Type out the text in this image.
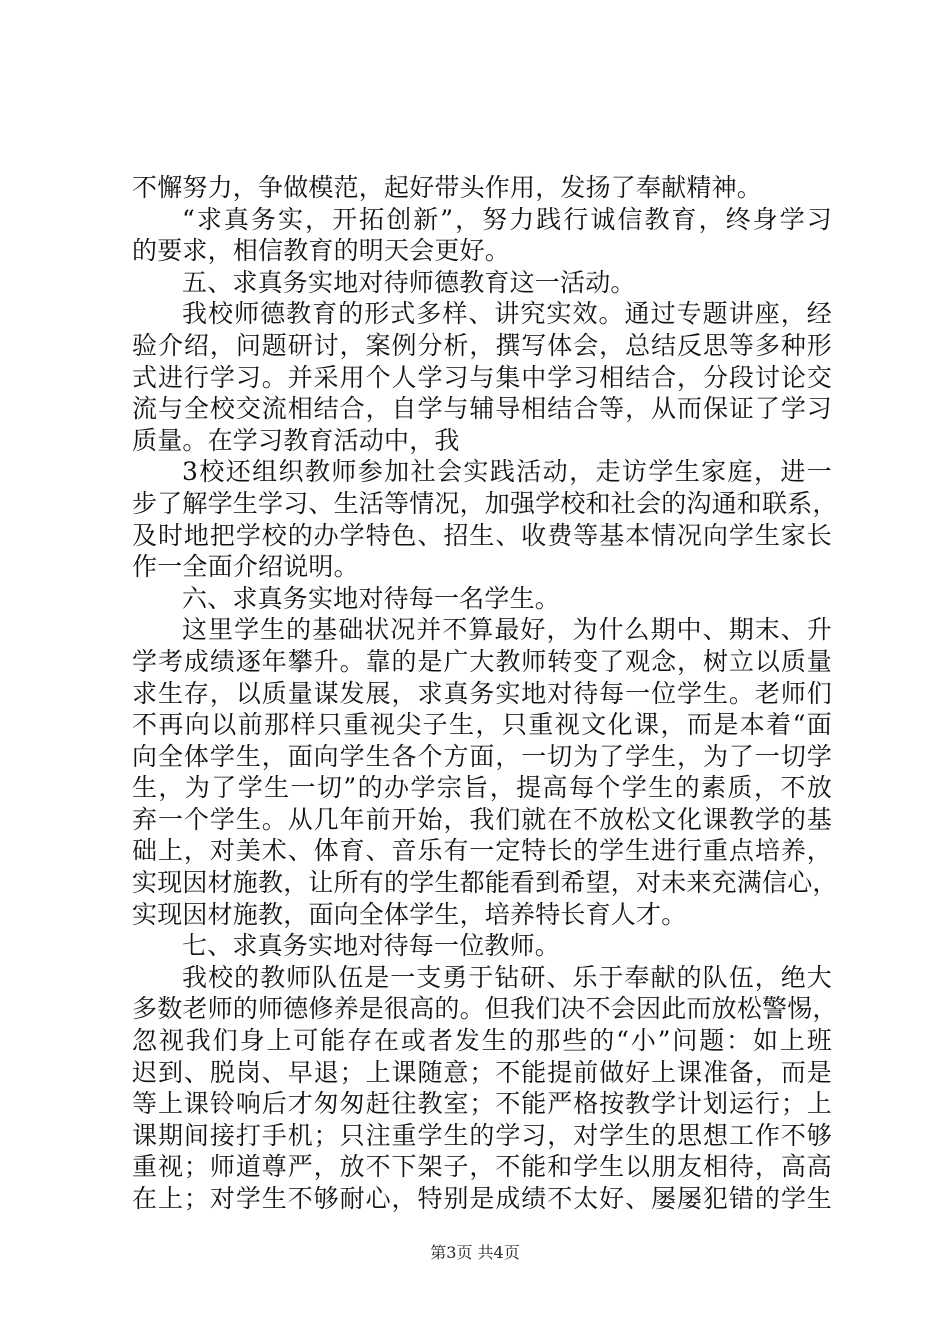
不懈努力，争做模范，起好带头作用，发扬了奉献精神。
“求真务实，开拓创新”，努力践行诚信教育，终身学习
的要求，相信教育的明天会更好。
五、求真务实地对待师德教育这一活动。
我校师德教育的形式多样、讲究实效。通过专题讲座，经
验介绍，问题研讨，案例分析，撰写体会，总结反思等多种形
式进行学习。并采用个人学习与集中学习相结合，分段讨论交
流与全校交流相结合，自学与辅导相结合等，从而保证了学习
质量。在学习教育活动中，我
3校还组织教师参加社会实践活动，走访学生家庭，进一
步了解学生学习、生活等情况，加强学校和社会的沟通和联系，
及时地把学校的办学特色、招生、收费等基本情况向学生家长
作一全面介绍说明。
六、求真务实地对待每一名学生。
这里学生的基础状况并不算最好，为什么期中、期末、升
学考成绩逐年攀升。靠的是广大教师转变了观念，树立以质量
求生存，以质量谋发展，求真务实地对待每一位学生。老师们
不再向以前那样只重视尖子生，只重视文化课，而是本着“面
向全体学生，面向学生各个方面，一切为了学生，为了一切学
生，为了学生一切”的办学宗旨，提高每个学生的素质，不放
弃一个学生。从几年前开始，我们就在不放松文化课教学的基
础上，对美术、体育、音乐有一定特长的学生进行重点培养，
实现因材施教，让所有的学生都能看到希望，对未来充满信心，
实现因材施教，面向全体学生，培养特长育人才。
七、求真务实地对待每一位教师。
我校的教师队伍是一支勇于钻研、乐于奉献的队伍，绝大
多数老师的师德修养是很高的。但我们决不会因此而放松警惕，
忽视我们身上可能存在或者发生的那些的“小”问题：如上班
迟到、脱岗、早退；上课随意；不能提前做好上课准备，而是
等上课铃响后才匆匆赶往教室；不能严格按教学计划运行；上
课期间接打手机；只注重学生的学习，对学生的思想工作不够
重视；师道尊严，放不下架子，不能和学生以朋友相待，高高
在上；对学生不够耐心，特别是成绩不太好、屡屡犯错的学生
第3页 共4页
